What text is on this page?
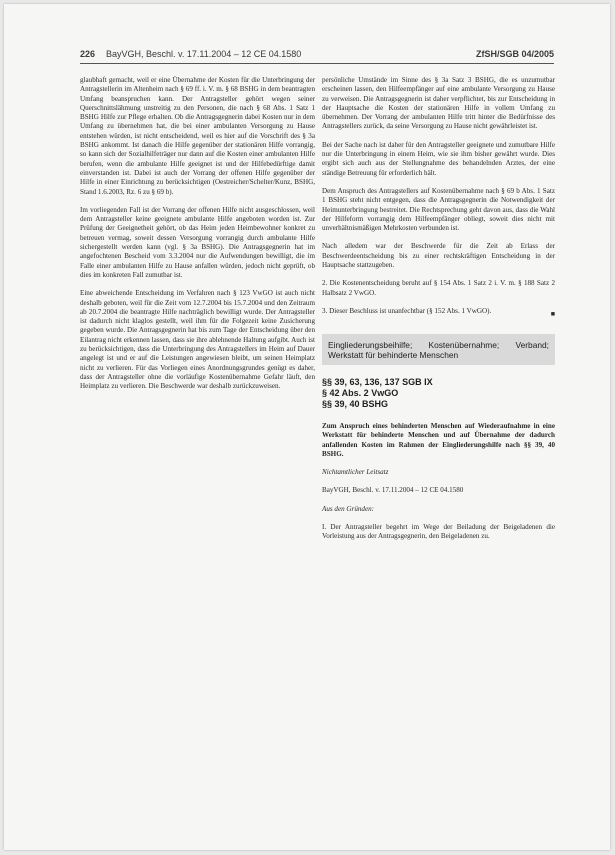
226 BayVGH, Beschl. v. 17.11.2004 – 12 CE 04.1580	ZfSH/SGB 04/2005

glaubhaft gemacht, weil er eine Übernahme der Kosten für die Unterbringung der Antragstellerin im Altenheim nach § 69 ff. i. V. m. § 68 BSHG in dem beantragten Umfang beanspruchen kann. Der Antragsteller gehört wegen seiner Querschnittslähmung unstreitig zu den Personen, die nach § 68 Abs. 1 Satz 1 BSHG Hilfe zur Pflege erhalten. Ob die Antragsgegnerin dabei Kosten nur in dem Umfang zu übernehmen hat, die bei einer ambulanten Versorgung zu Hause entstehen würden, ist nicht entscheidend, weil es hier auf die Vorschrift des § 3a BSHG ankommt. Ist danach die Hilfe gegenüber der stationären Hilfe vorrangig, so kann sich der Sozialhilfeträger nur dann auf die Kosten einer ambulanten Hilfe berufen, wenn die ambulante Hilfe geeignet ist und der Hilfebedürftige damit einverstanden ist. Dabei ist auch der Vorrang der offenen Hilfe gegenüber der Hilfe in einer Einrichtung zu berücksichtigen (Oestreicher/Schelter/Kunz, BSHG, Stand 1.6.2003, Rz. 6 zu § 69 b).

Im vorliegenden Fall ist der Vorrang der offenen Hilfe nicht ausgeschlossen, weil dem Antragsteller keine geeignete ambulante Hilfe angeboten worden ist. Zur Prüfung der Geeignetheit gehört, ob das Heim jeden Heimbewohner konkret zu betreuen vermag, soweit dessen Versorgung vorrangig durch ambulante Hilfe sichergestellt werden kann (vgl. § 3a BSHG). Die Antragsgegnerin hat im angefochtenen Bescheid vom 3.3.2004 nur die Aufwendungen bewilligt, die im Falle einer ambulanten Hilfe zu Hause anfallen würden, jedoch nicht geprüft, ob dies im konkreten Fall zumutbar ist.

Eine abweichende Entscheidung im Verfahren nach § 123 VwGO ist auch nicht deshalb geboten, weil für die Zeit vom 12.7.2004 bis 15.7.2004 und den Zeitraum ab 20.7.2004 die beantragte Hilfe nachträglich bewilligt wurde. Der Antragsteller ist dadurch nicht klaglos gestellt, weil ihm für die Folgezeit keine Zusicherung gegeben wurde. Die Antragsgegnerin hat bis zum Tage der Entscheidung über den Eilantrag nicht erkennen lassen, dass sie ihre ablehnende Haltung aufgibt. Auch ist zu berücksichtigen, dass die Unterbringung des Antragstellers im Heim auf Dauer angelegt ist und er auf die Leistungen angewiesen bleibt, um seinen Heimplatz nicht zu verlieren. Für das Vorliegen eines Anordnungsgrundes genügt es daher, dass der Antragsteller ohne die vorläufige Kostenübernahme Gefahr läuft, den Heimplatz zu verlieren. Die Beschwerde war deshalb zurückzuweisen.

persönliche Umstände im Sinne des § 3a Satz 3 BSHG, die es unzumutbar erscheinen lassen, den Hilfeempfänger auf eine ambulante Versorgung zu Hause zu verweisen. Die Antragsgegnerin ist daher verpflichtet, bis zur Entscheidung in der Hauptsache die Kosten der stationären Hilfe in vollem Umfang zu übernehmen. Der Vorrang der ambulanten Hilfe tritt hinter die Bedürfnisse des Antragstellers zurück, da seine Versorgung zu Hause nicht gewährleistet ist.

Bei der Sache nach ist daher für den Antragsteller geeignete und zumutbare Hilfe nur die Unterbringung in einem Heim, wie sie ihm bisher gewährt wurde. Dies ergibt sich auch aus der Stellungnahme des behandelnden Arztes, der eine ständige Betreuung für erforderlich hält.

Dem Anspruch des Antragstellers auf Kostenübernahme nach § 69 b Abs. 1 Satz 1 BSHG steht nicht entgegen, dass die Antragsgegnerin die Notwendigkeit der Heimunterbringung bestreitet. Die Rechtsprechung geht davon aus, dass die Wahl der Hilfeform vorrangig dem Hilfeempfänger obliegt, soweit dies nicht mit unverhältnismäßigen Mehrkosten verbunden ist.

Nach alledem war der Beschwerde für die Zeit ab Erlass der Beschwerdeentscheidung bis zu einer rechtskräftigen Entscheidung in der Hauptsache stattzugeben.

2. Die Kostenentscheidung beruht auf § 154 Abs. 1 Satz 2 i. V. m. § 188 Satz 2 Halbsatz 2 VwGO.

3. Dieser Beschluss ist unanfechtbar (§ 152 Abs. 1 VwGO).	■

Eingliederungsbeihilfe; Kostenübernahme; Verband; Werkstatt für behinderte Menschen
§§ 39, 63, 136, 137 SGB IX
§ 42 Abs. 2 VwGO
§§ 39, 40 BSHG

Zum Anspruch eines behinderten Menschen auf Wiederaufnahme in eine Werkstatt für behinderte Menschen und auf Übernahme der dadurch anfallenden Kosten im Rahmen der Eingliederungshilfe nach §§ 39, 40 BSHG.

Nichtamtlicher Leitsatz

BayVGH, Beschl. v. 17.11.2004 – 12 CE 04.1580

Aus den Gründen:

I. Der Antragsteller begehrt im Wege der Beiladung der Beigeladenen die Vorleistung aus der Antragsgegnerin, den Beigeladenen zu.
